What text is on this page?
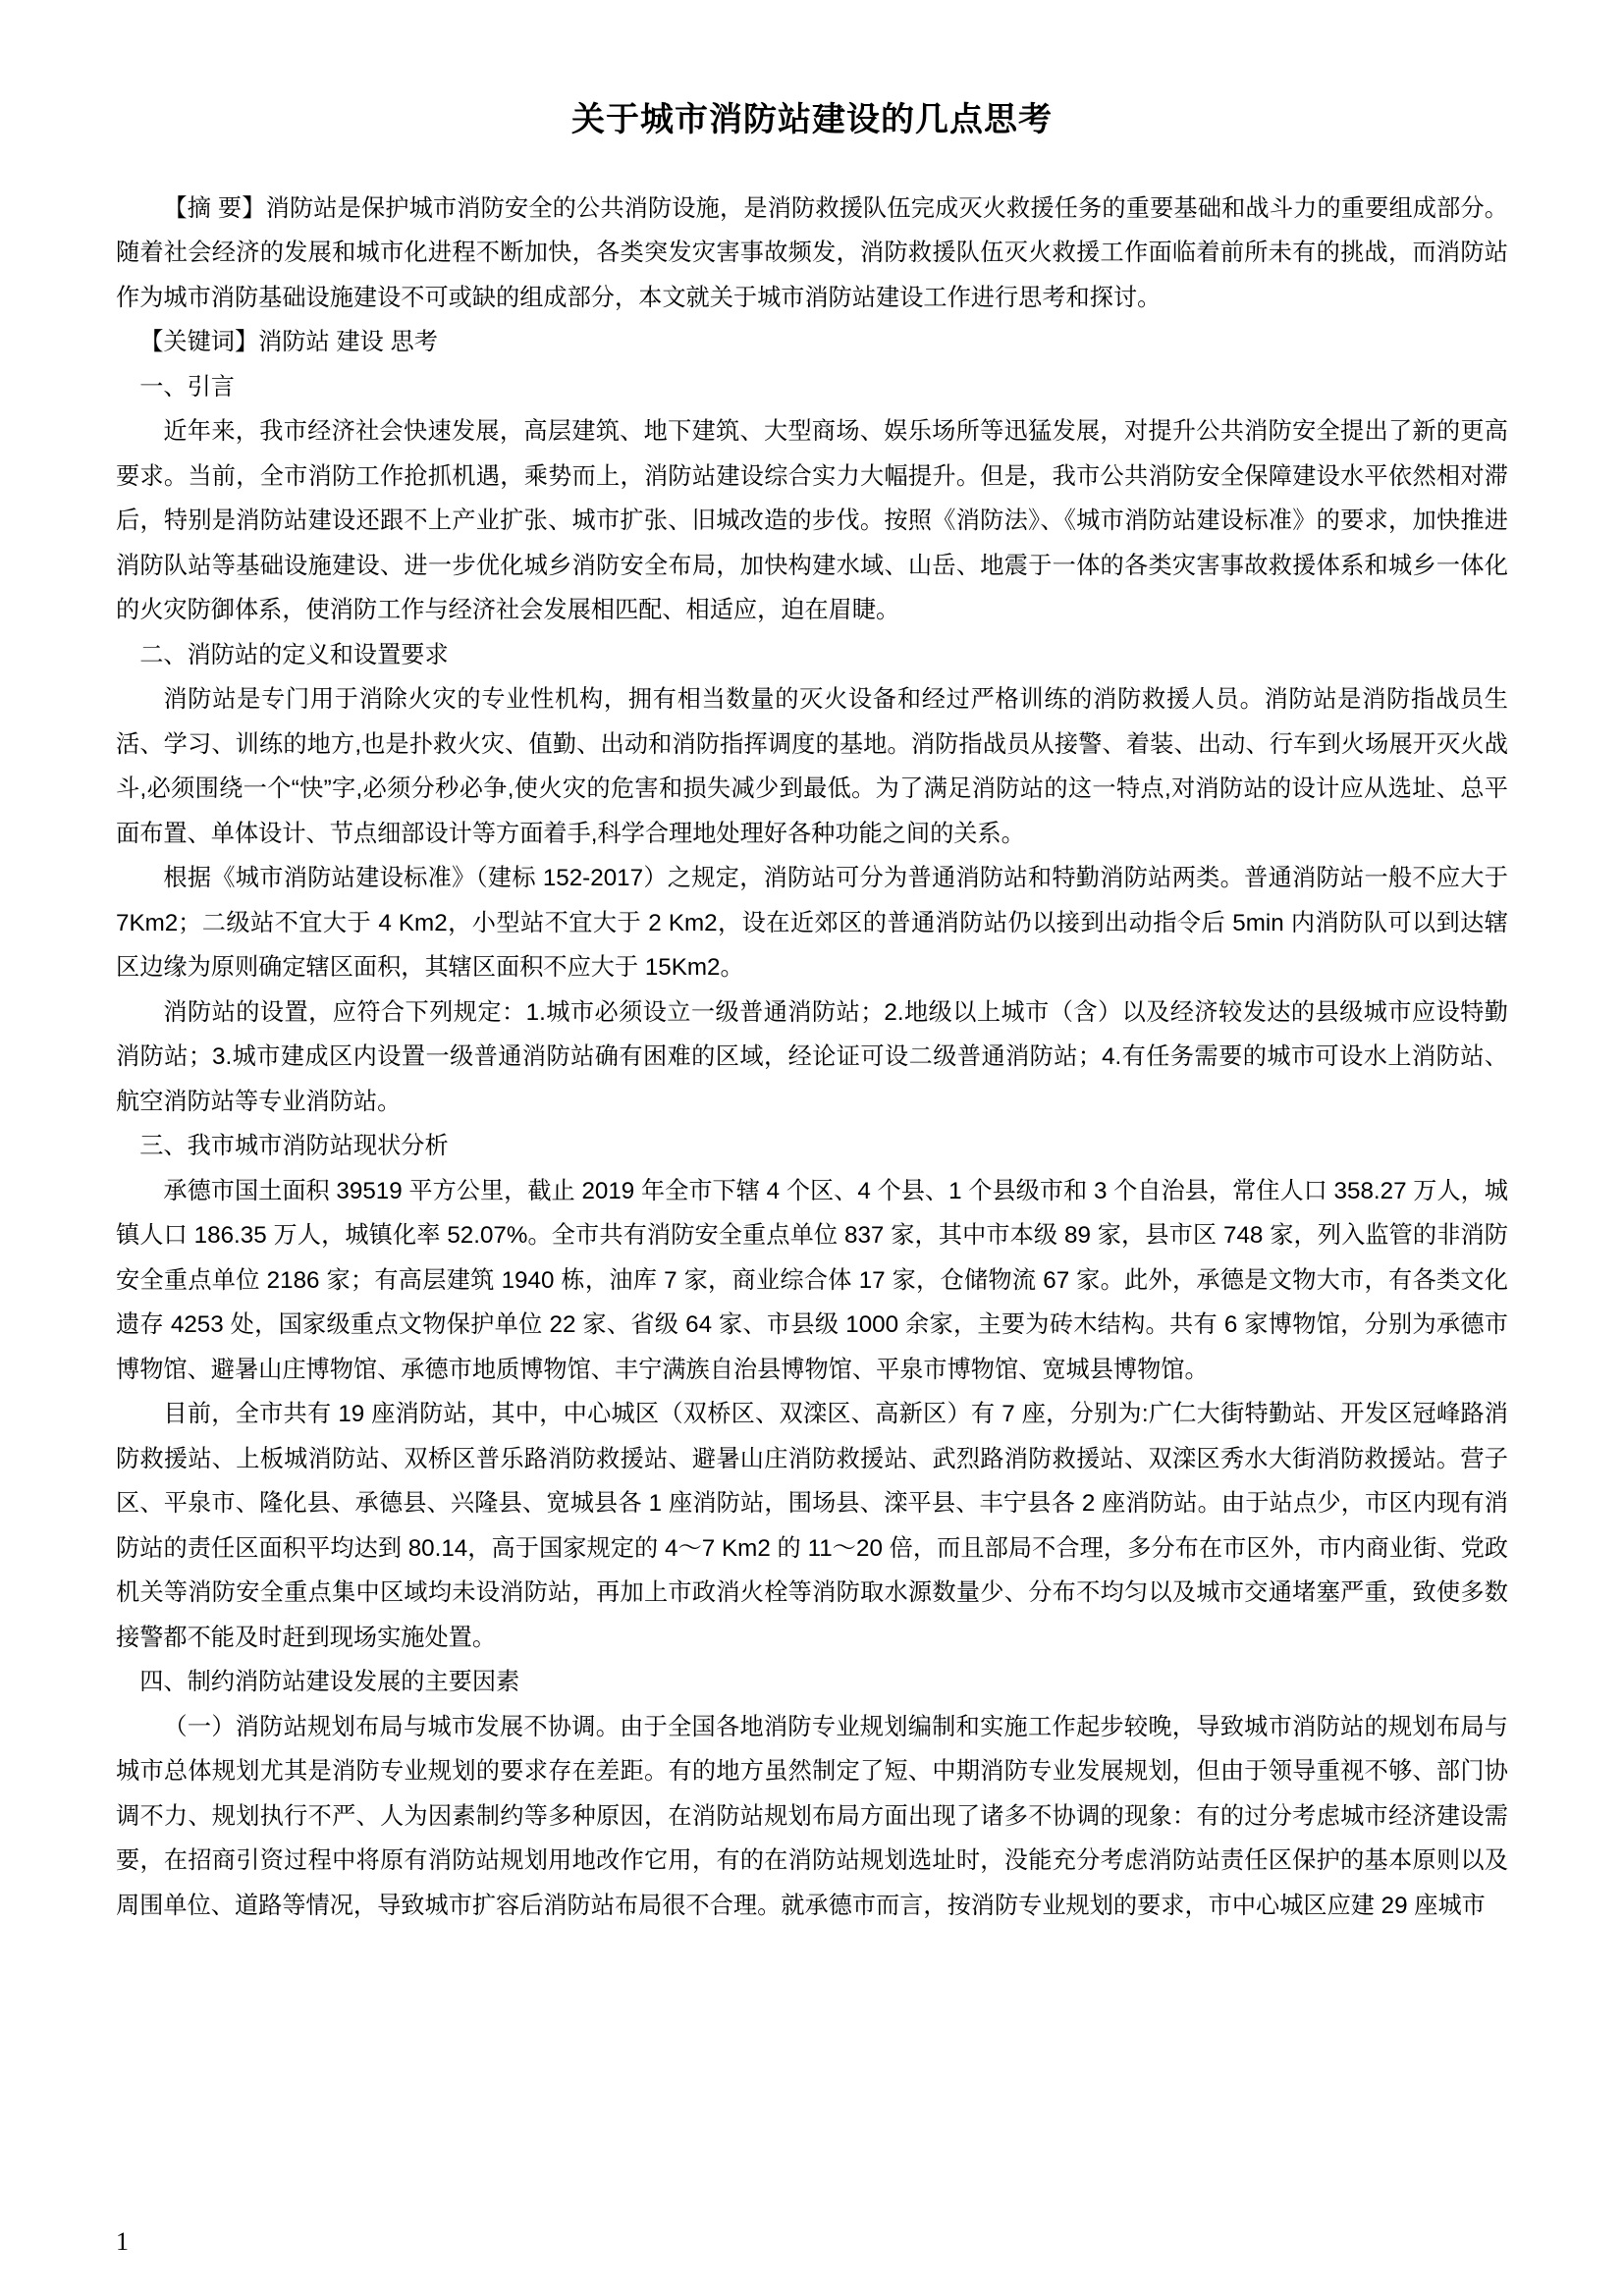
关于城市消防站建设的几点思考

【摘 要】消防站是保护城市消防安全的公共消防设施，是消防救援队伍完成灭火救援任务的重要基础和战斗力的重要组成部分。随着社会经济的发展和城市化进程不断加快，各类突发灾害事故频发，消防救援队伍灭火救援工作面临着前所未有的挑战，而消防站作为城市消防基础设施建设不可或缺的组成部分，本文就关于城市消防站建设工作进行思考和探讨。

【关键词】消防站 建设 思考

一、引言

近年来，我市经济社会快速发展，高层建筑、地下建筑、大型商场、娱乐场所等迅猛发展，对提升公共消防安全提出了新的更高要求。当前，全市消防工作抢抓机遇，乘势而上，消防站建设综合实力大幅提升。但是，我市公共消防安全保障建设水平依然相对滞后，特别是消防站建设还跟不上产业扩张、城市扩张、旧城改造的步伐。按照《消防法》、《城市消防站建设标准》的要求，加快推进消防队站等基础设施建设、进一步优化城乡消防安全布局，加快构建水域、山岳、地震于一体的各类灾害事故救援体系和城乡一体化的火灾防御体系，使消防工作与经济社会发展相匹配、相适应，迫在眉睫。

二、消防站的定义和设置要求

消防站是专门用于消除火灾的专业性机构，拥有相当数量的灭火设备和经过严格训练的消防救援人员。消防站是消防指战员生活、学习、训练的地方,也是扑救火灾、值勤、出动和消防指挥调度的基地。消防指战员从接警、着装、出动、行车到火场展开灭火战斗,必须围绕一个“快”字,必须分秒必争,使火灾的危害和损失减少到最低。为了满足消防站的这一特点,对消防站的设计应从选址、总平面布置、单体设计、节点细部设计等方面着手,科学合理地处理好各种功能之间的关系。

根据《城市消防站建设标准》（建标 152-2017）之规定，消防站可分为普通消防站和特勤消防站两类。普通消防站一般不应大于 7Km2；二级站不宜大于 4 Km2，小型站不宜大于 2 Km2，设在近郊区的普通消防站仍以接到出动指令后 5min 内消防队可以到达辖区边缘为原则确定辖区面积，其辖区面积不应大于 15Km2。

消防站的设置，应符合下列规定：1.城市必须设立一级普通消防站；2.地级以上城市（含）以及经济较发达的县级城市应设特勤消防站；3.城市建成区内设置一级普通消防站确有困难的区域，经论证可设二级普通消防站；4.有任务需要的城市可设水上消防站、航空消防站等专业消防站。

三、我市城市消防站现状分析

承德市国土面积 39519 平方公里，截止 2019 年全市下辖 4 个区、4 个县、1 个县级市和 3 个自治县，常住人口 358.27 万人，城镇人口 186.35 万人，城镇化率 52.07%。全市共有消防安全重点单位 837 家，其中市本级 89 家，县市区 748 家，列入监管的非消防安全重点单位 2186 家；有高层建筑 1940 栋，油库 7 家，商业综合体 17 家，仓储物流 67 家。此外，承德是文物大市，有各类文化遗存 4253 处，国家级重点文物保护单位 22 家、省级 64 家、市县级 1000 余家，主要为砖木结构。共有 6 家博物馆，分别为承德市博物馆、避暑山庄博物馆、承德市地质博物馆、丰宁满族自治县博物馆、平泉市博物馆、宽城县博物馆。

目前，全市共有 19 座消防站，其中，中心城区（双桥区、双滦区、高新区）有 7 座，分别为:广仁大街特勤站、开发区冠峰路消防救援站、上板城消防站、双桥区普乐路消防救援站、避暑山庄消防救援站、武烈路消防救援站、双滦区秀水大街消防救援站。营子区、平泉市、隆化县、承德县、兴隆县、宽城县各 1 座消防站，围场县、滦平县、丰宁县各 2 座消防站。由于站点少，市区内现有消防站的责任区面积平均达到 80.14，高于国家规定的 4～7 Km2 的 11～20 倍，而且部局不合理，多分布在市区外，市内商业街、党政机关等消防安全重点集中区域均未设消防站，再加上市政消火栓等消防取水源数量少、分布不均匀以及城市交通堵塞严重，致使多数接警都不能及时赶到现场实施处置。

四、制约消防站建设发展的主要因素

（一）消防站规划布局与城市发展不协调。由于全国各地消防专业规划编制和实施工作起步较晚，导致城市消防站的规划布局与城市总体规划尤其是消防专业规划的要求存在差距。有的地方虽然制定了短、中期消防专业发展规划，但由于领导重视不够、部门协调不力、规划执行不严、人为因素制约等多种原因，在消防站规划布局方面出现了诸多不协调的现象：有的过分考虑城市经济建设需要，在招商引资过程中将原有消防站规划用地改作它用，有的在消防站规划选址时，没能充分考虑消防站责任区保护的基本原则以及周围单位、道路等情况，导致城市扩容后消防站布局很不合理。就承德市而言，按消防专业规划的要求，市中心城区应建 29 座城市

1
